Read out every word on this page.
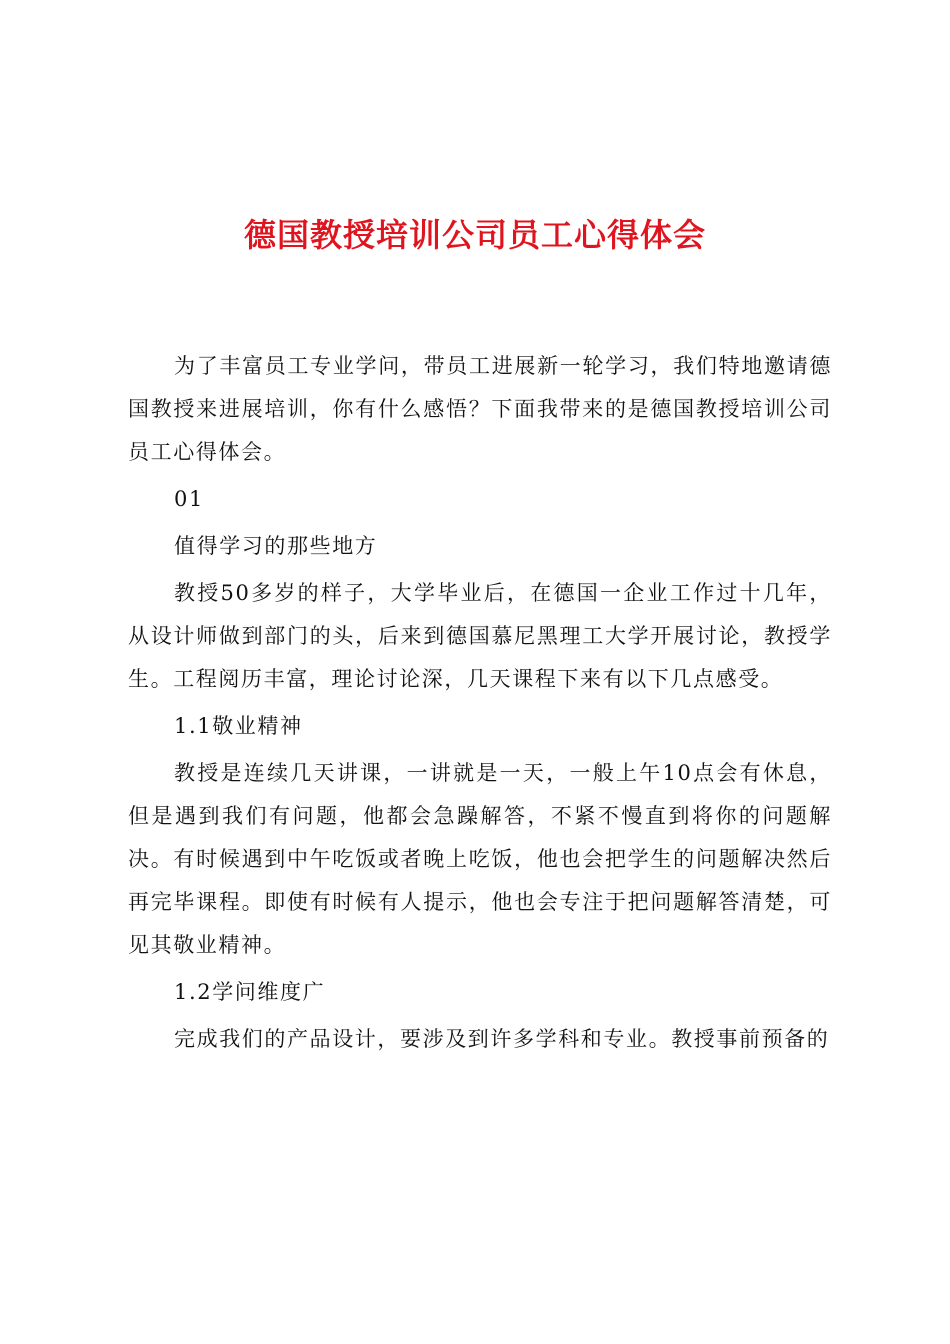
德国教授培训公司员工心得体会

为了丰富员工专业学问，带员工进展新一轮学习，我们特地邀请德国教授来进展培训，你有什么感悟？下面我带来的是德国教授培训公司员工心得体会。

01

值得学习的那些地方

教授50多岁的样子，大学毕业后，在德国一企业工作过十几年，从设计师做到部门的头，后来到德国慕尼黑理工大学开展讨论，教授学生。工程阅历丰富，理论讨论深，几天课程下来有以下几点感受。

1.1敬业精神

教授是连续几天讲课，一讲就是一天，一般上午10点会有休息，但是遇到我们有问题，他都会急躁解答，不紧不慢直到将你的问题解决。有时候遇到中午吃饭或者晚上吃饭，他也会把学生的问题解决然后再完毕课程。即使有时候有人提示，他也会专注于把问题解答清楚，可见其敬业精神。

1.2学问维度广

完成我们的产品设计，要涉及到许多学科和专业。教授事前预备的
